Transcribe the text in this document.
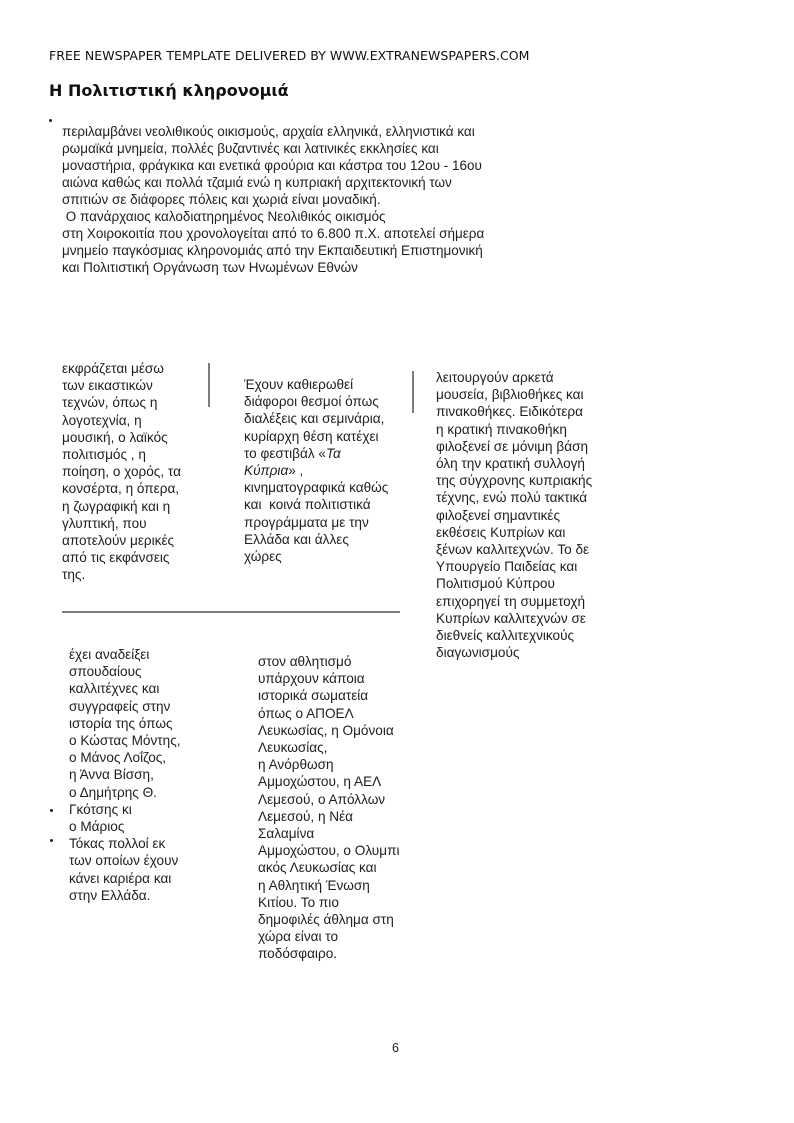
FREE NEWSPAPER TEMPLATE DELIVERED BY WWW.EXTRANEWSPAPERS.COM
Η Πολιτιστική κληρονομιά

περιλαμβάνει νεολιθικούς οικισμούς, αρχαία ελληνικά, ελληνιστικά και

ρωμαϊκά μνημεία, πολλές βυζαντινές και λατινικές εκκλησίες και

μοναστήρια, φράγκικα και ενετικά φρούρια και κάστρα του 12ου - 16ου

αιώνα καθώς και πολλά τζαμιά ενώ η κυπριακή αρχιτεκτονική των

σπιτιών σε διάφορες πόλεις και χωριά είναι μοναδική.

Ο πανάρχαιος καλοδιατηρημένος Νεολιθικός οικισμός

στη Χοιροκοιτία που χρονολογείται από το 6.800 π.Χ. αποτελεί σήμερα

μνημείο παγκόσμιας κληρονομιάς από την Εκπαιδευτική Επιστημονική

και Πολιτιστική Οργάνωση των Ηνωμένων Εθνών

εκφράζεται μέσω

των εικαστικών

τεχνών, όπως η

λογοτεχνία, η

μουσική, ο λαϊκός

πολιτισμός , η

ποίηση, ο χορός, τα

κονσέρτα, η όπερα,

η ζωγραφική και η

γλυπτική, που

αποτελούν μερικές

από τις εκφάνσεις

της.

Έχουν καθιερωθεί

διάφοροι θεσμοί όπως

διαλέξεις και σεμινάρια,

κυρίαρχη θέση κατέχει

το φεστιβάλ «Τα

Κύπρια» ,

κινηματογραφικά καθώς

και  κοινά πολιτιστικά

προγράμματα με την

Ελλάδα και άλλες

χώρες

λειτουργούν αρκετά

μουσεία, βιβλιοθήκες και

πινακοθήκες. Ειδικότερα

η κρατική πινακοθήκη

φιλοξενεί σε μόνιμη βάση

όλη την κρατική συλλογή

της σύγχρονης κυπριακής

τέχνης, ενώ πολύ τακτικά

φιλοξενεί σημαντικές

εκθέσεις Κυπρίων και

ξένων καλλιτεχνών. Το δε

Υπουργείο Παιδείας και

Πολιτισμού Κύπρου

επιχορηγεί τη συμμετοχή

Κυπρίων καλλιτεχνών σε

διεθνείς καλλιτεχνικούς

διαγωνισμούς

έχει αναδείξει

σπουδαίους

καλλιτέχνες και

συγγραφείς στην

ιστορία της όπως

ο Κώστας Μόντης,

ο Μάνος Λοΐζος,

η Άννα Βίσση,

ο Δημήτρης Θ.

Γκότσης κι

ο Μάριος

Τόκας πολλοί εκ

των οποίων έχουν

κάνει καριέρα και

στην Ελλάδα.

στον αθλητισμό

υπάρχουν κάποια

ιστορικά σωματεία

όπως ο ΑΠΟΕΛ

Λευκωσίας, η Ομόνοια

Λευκωσίας,

η Ανόρθωση

Αμμοχώστου, η ΑΕΛ

Λεμεσού, ο Απόλλων

Λεμεσού, η Νέα

Σαλαμίνα

Αμμοχώστου, ο Ολυμπι

ακός Λευκωσίας και

η Αθλητική Ένωση

Κιτίου. Το πιο

δημοφιλές άθλημα στη

χώρα είναι το

ποδόσφαιρο.

6
